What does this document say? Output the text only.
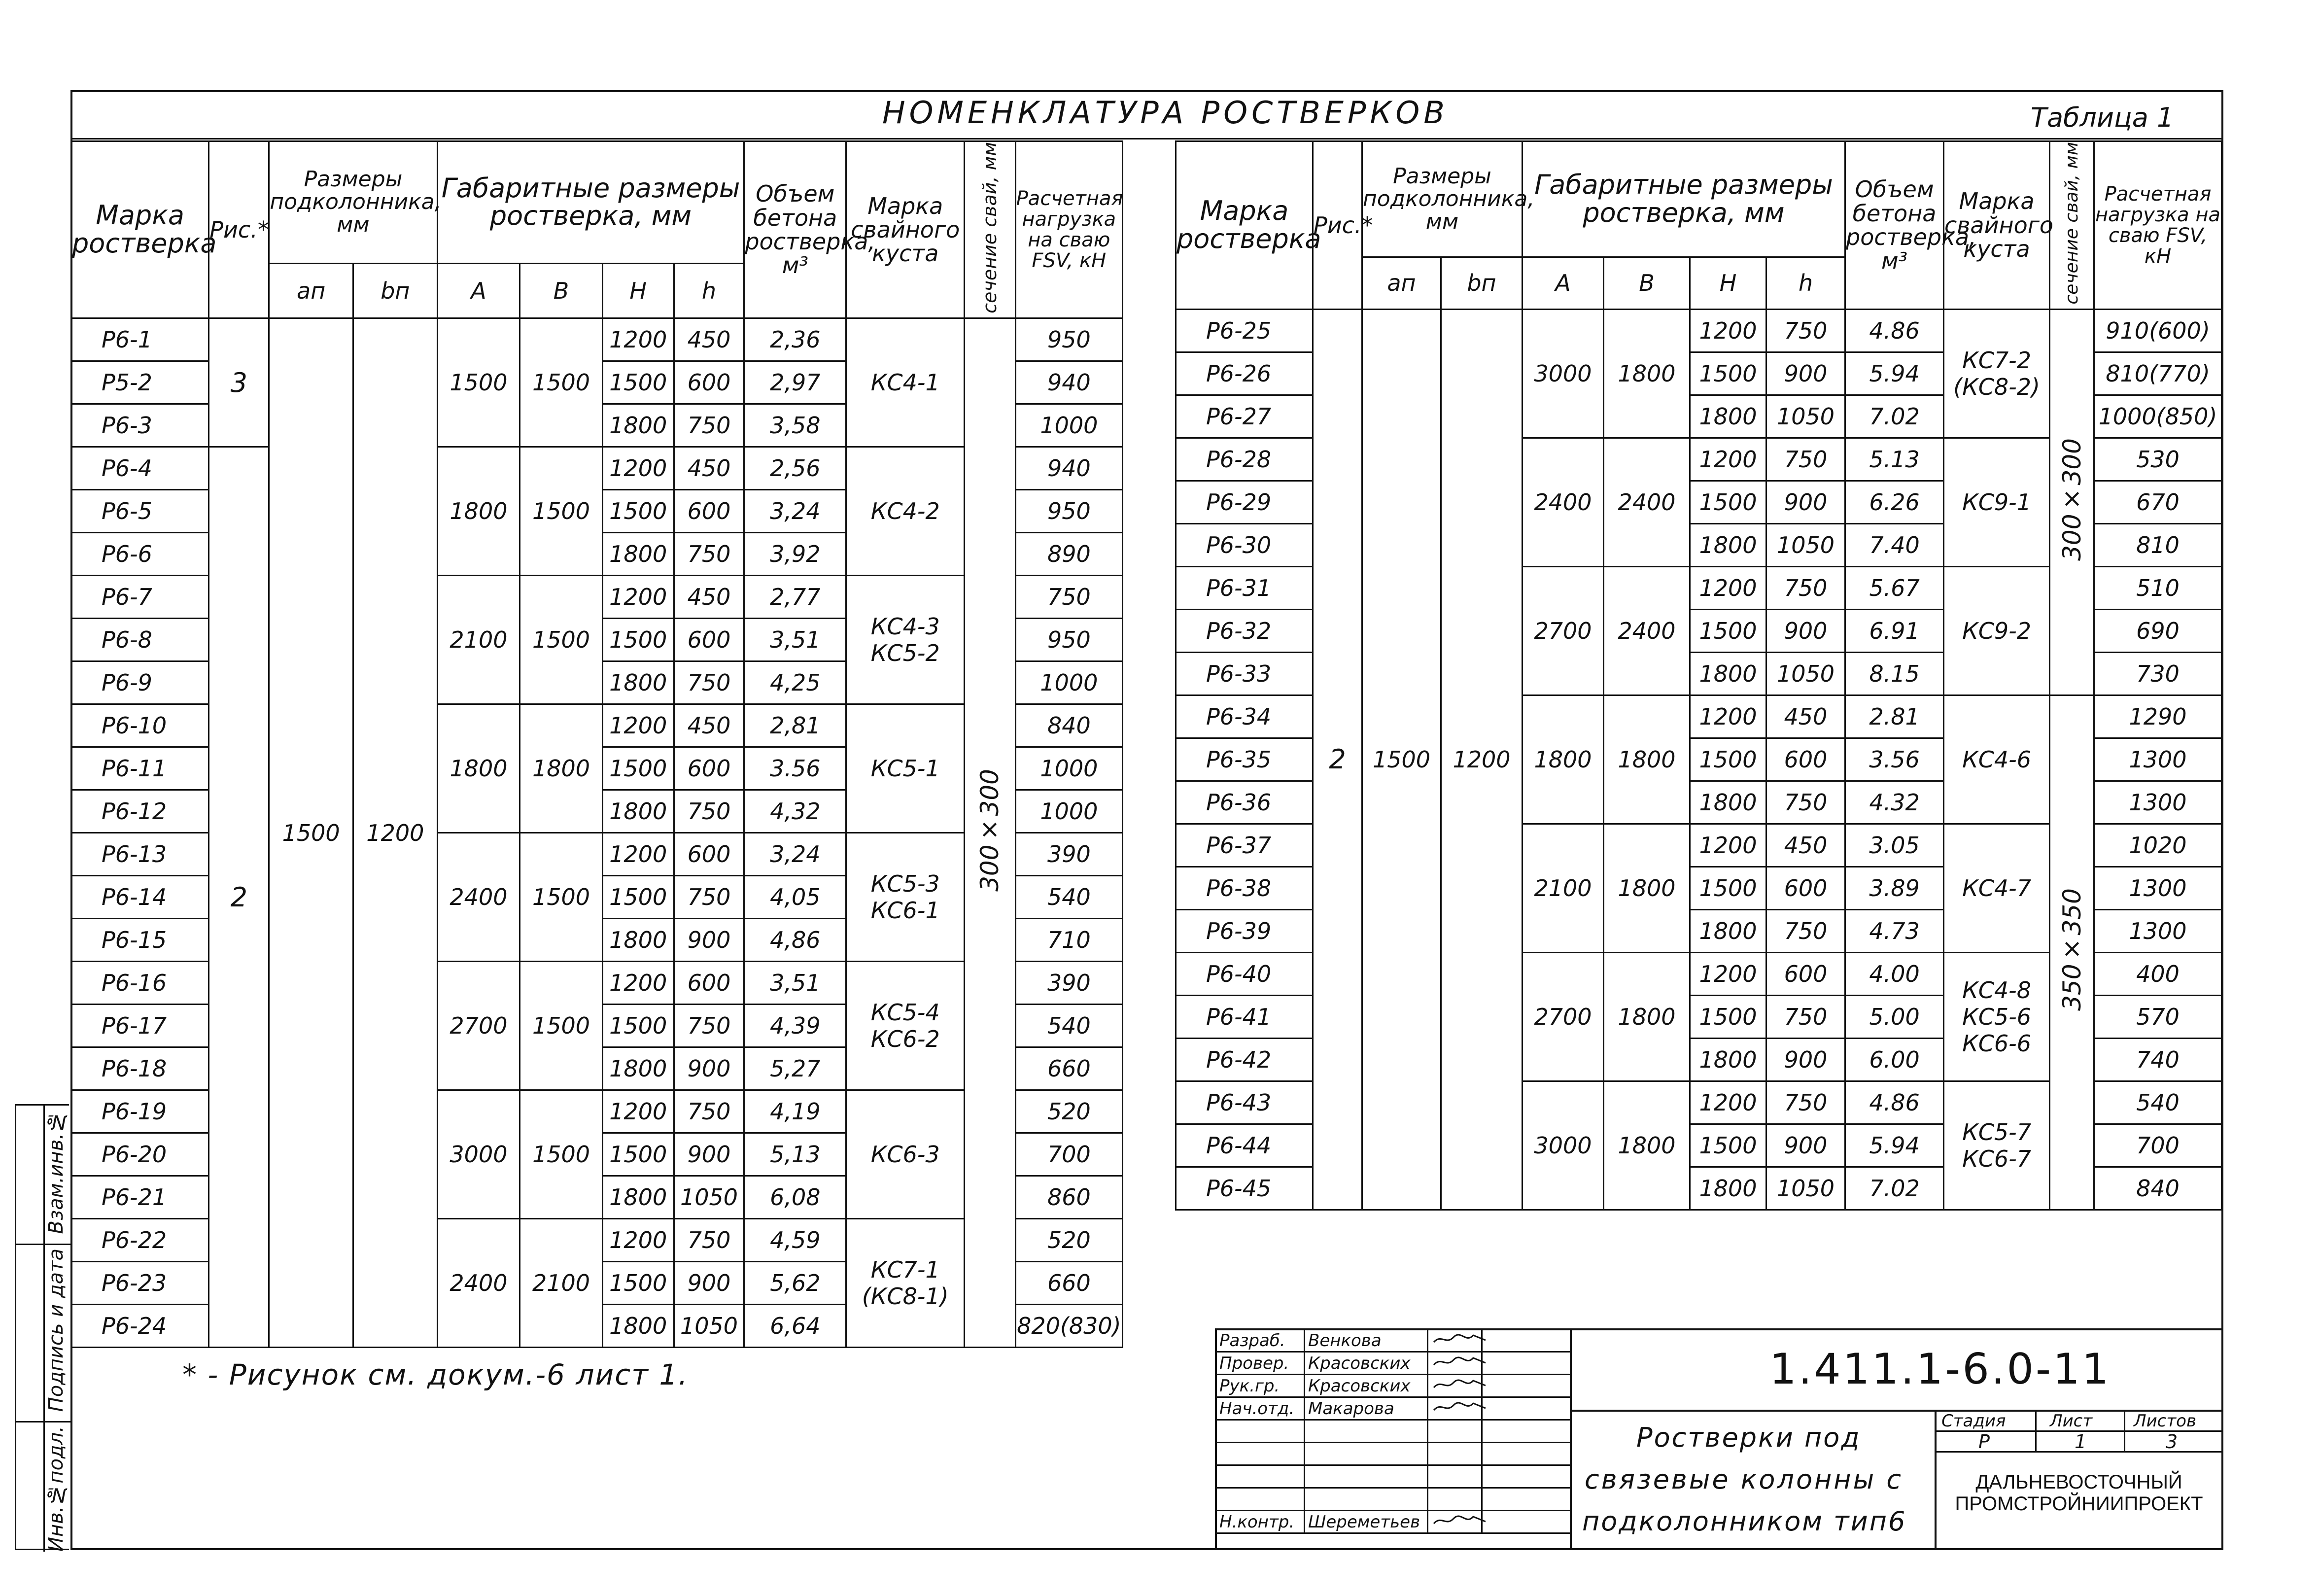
НОМЕНКЛАТУРА РОСТВЕРКОВ	Таблица 1
Марка ростверка	Рис.*	Размеры подколонника, мм		Габаритные размеры ростверка, мм				Объем бетона ростверка, м³	Марка свайного куста	сечение свай, мм	Расчетная нагрузка на сваю FSV, кН
		aп	bп	A	B	H	h				
Р6-1	3	1500	1200	1500	1500	1200	450	2,36	КС4-1	300×300	950
Р5-2						1500	600	2,97			940
Р6-3						1800	750	3,58			1000
Р6-4	2			1800	1500	1200	450	2,56	КС4-2		940
Р6-5						1500	600	3,24			950
Р6-6						1800	750	3,92			890
Р6-7				2100	1500	1200	450	2,77	КС4-3 КС5-2		750
Р6-8						1500	600	3,51			950
Р6-9						1800	750	4,25			1000
Р6-10				1800	1800	1200	450	2,81	КС5-1		840
Р6-11						1500	600	3.56			1000
Р6-12						1800	750	4,32			1000
Р6-13				2400	1500	1200	600	3,24	КС5-3 КС6-1		390
Р6-14						1500	750	4,05			540
Р6-15						1800	900	4,86			710
Р6-16				2700	1500	1200	600	3,51	КС5-4 КС6-2		390
Р6-17						1500	750	4,39			540
Р6-18						1800	900	5,27			660
Р6-19				3000	1500	1200	750	4,19	КС6-3		520
Р6-20						1500	900	5,13			700
Р6-21						1800	1050	6,08			860
Р6-22				2400	2100	1200	750	4,59	КС7-1 (КС8-1)		520
Р6-23						1500	900	5,62			660
Р6-24						1800	1050	6,64			820(830)
Марка ростверка	Рис.*	Размеры подколонника, мм		Габаритные размеры ростверка, мм				Объем бетона ростверка, м³	Марка свайного куста	сечение свай, мм	Расчетная нагрузка на сваю FSV, кН
		aп	bп	A	B	H	h				
Р6-25	2	1500	1200	3000	1800	1200	750	4.86	КС7-2 (КС8-2)	300×300	910(600)
Р6-26						1500	900	5.94			810(770)
Р6-27						1800	1050	7.02			1000(850)
Р6-28				2400	2400	1200	750	5.13	КС9-1		530
Р6-29						1500	900	6.26			670
Р6-30						1800	1050	7.40			810
Р6-31				2700	2400	1200	750	5.67	КС9-2		510
Р6-32						1500	900	6.91			690
Р6-33						1800	1050	8.15			730
Р6-34				1800	1800	1200	450	2.81	КС4-6	350×350	1290
Р6-35						1500	600	3.56			1300
Р6-36						1800	750	4.32			1300
Р6-37				2100	1800	1200	450	3.05	КС4-7		1020
Р6-38						1500	600	3.89			1300
Р6-39						1800	750	4.73			1300
Р6-40				2700	1800	1200	600	4.00	КС4-8 КС5-6 КС6-6		400
Р6-41						1500	750	5.00			570
Р6-42						1800	900	6.00			740
Р6-43				3000	1800	1200	750	4.86	КС5-7 КС6-7		540
Р6-44						1500	900	5.94			700
Р6-45						1800	1050	7.02			840
* - Рисунок см. докум.-6 лист 1.
Взам.инв.№
Подпись и дата
Инв.№подл.
Разраб.	Венкова		
Провер.	Красовских		
Рук.гр.	Красовских		
Нач.отд.	Макарова		

Н.контр.	Шереметьев		
1.411.1-6.0-11
Ростверки под
связевые колонны с
подколонником тип6
Стадия	Лист Листов
Р	1	3
ДАЛЬНЕВОСТОЧНЫЙ
ПРОМСТРОЙНИИПРОЕКТ
